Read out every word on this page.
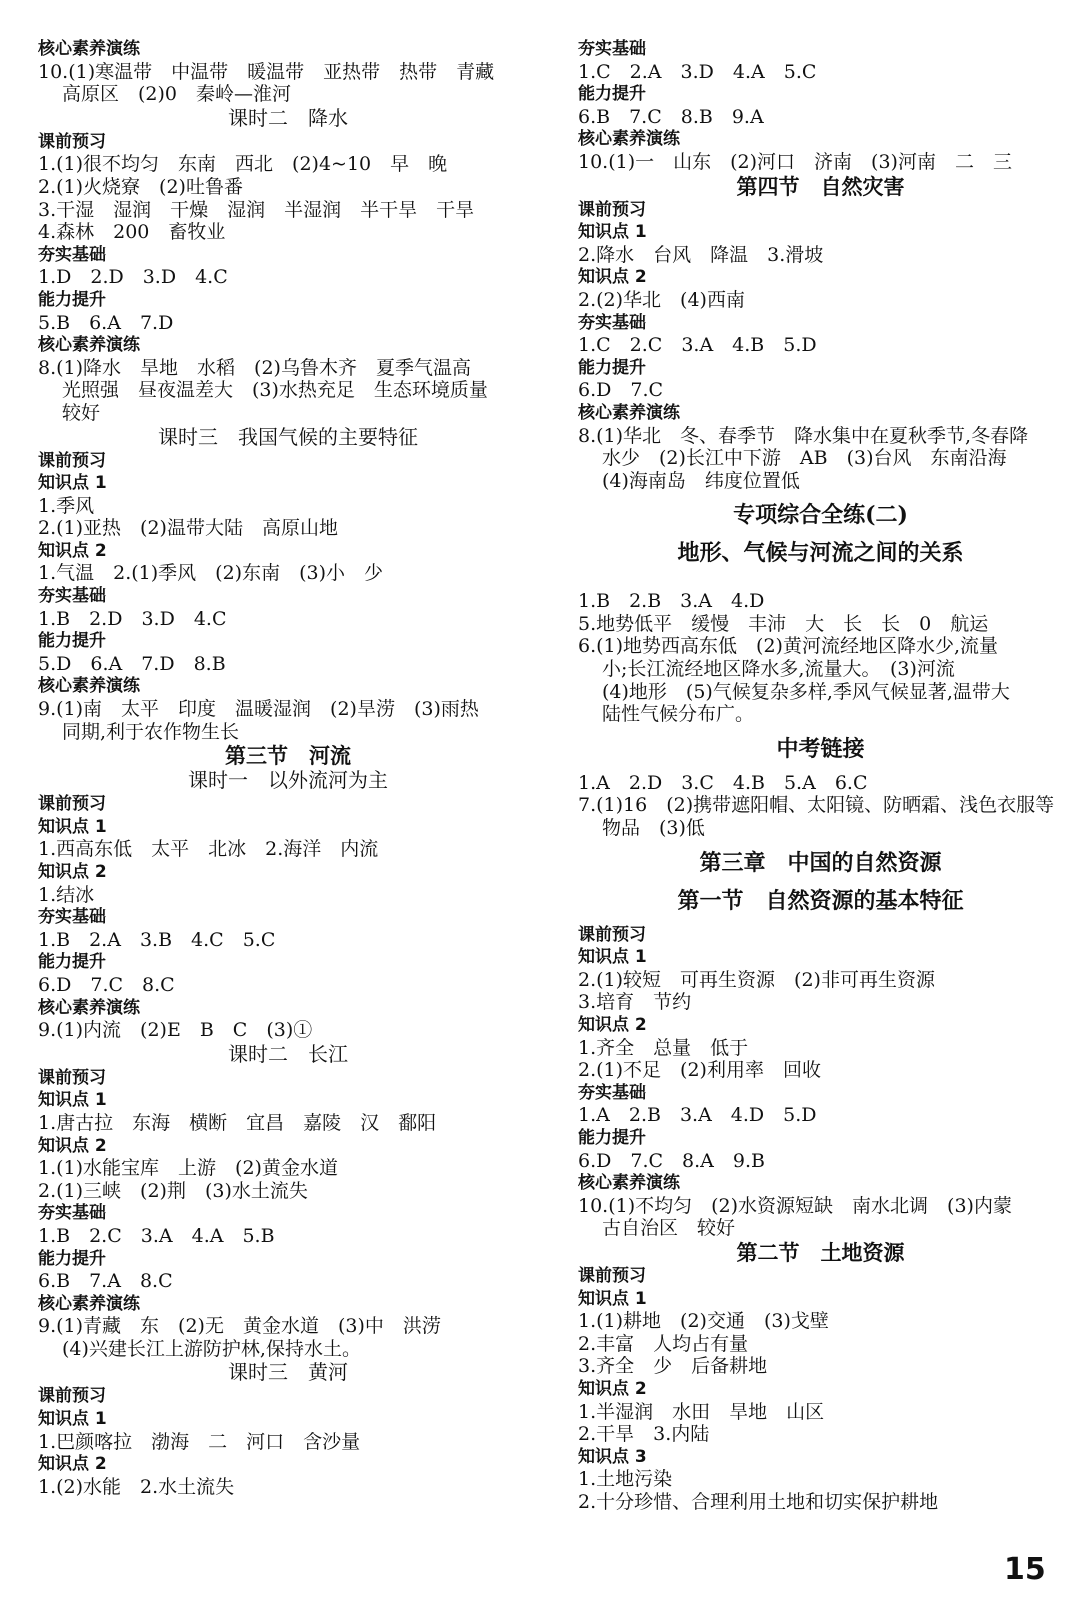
核心素养演练
10.(1)寒温带　中温带　暖温带　亚热带　热带　青藏
高原区　(2)0　秦岭—淮河
课时二　降水
课前预习
1.(1)很不均匀　东南　西北　(2)4~10　早　晚
2.(1)火烧寮　(2)吐鲁番
3.干湿　湿润　干燥　湿润　半湿润　半干旱　干旱
4.森林　200　畜牧业
夯实基础
1.D　2.D　3.D　4.C
能力提升
5.B　6.A　7.D
核心素养演练
8.(1)降水　旱地　水稻　(2)乌鲁木齐　夏季气温高
光照强　昼夜温差大　(3)水热充足　生态环境质量
较好
课时三　我国气候的主要特征
课前预习
知识点 1
1.季风
2.(1)亚热　(2)温带大陆　高原山地
知识点 2
1.气温　2.(1)季风　(2)东南　(3)小　少
夯实基础
1.B　2.D　3.D　4.C
能力提升
5.D　6.A　7.D　8.B
核心素养演练
9.(1)南　太平　印度　温暖湿润　(2)旱涝　(3)雨热
同期,利于农作物生长
第三节　河流
课时一　以外流河为主
课前预习
知识点 1
1.西高东低　太平　北冰　2.海洋　内流
知识点 2
1.结冰
夯实基础
1.B　2.A　3.B　4.C　5.C
能力提升
6.D　7.C　8.C
核心素养演练
9.(1)内流　(2)E　B　C　(3)①
课时二　长江
课前预习
知识点 1
1.唐古拉　东海　横断　宜昌　嘉陵　汉　鄱阳
知识点 2
1.(1)水能宝库　上游　(2)黄金水道
2.(1)三峡　(2)荆　(3)水土流失
夯实基础
1.B　2.C　3.A　4.A　5.B
能力提升
6.B　7.A　8.C
核心素养演练
9.(1)青藏　东　(2)无　黄金水道　(3)中　洪涝
(4)兴建长江上游防护林,保持水土。
课时三　黄河
课前预习
知识点 1
1.巴颜喀拉　渤海　二　河口　含沙量
知识点 2
1.(2)水能　2.水土流失
夯实基础
1.C　2.A　3.D　4.A　5.C
能力提升
6.B　7.C　8.B　9.A
核心素养演练
10.(1)一　山东　(2)河口　济南　(3)河南　二　三
第四节　自然灾害
课前预习
知识点 1
2.降水　台风　降温　3.滑坡
知识点 2
2.(2)华北　(4)西南
夯实基础
1.C　2.C　3.A　4.B　5.D
能力提升
6.D　7.C
核心素养演练
8.(1)华北　冬、春季节　降水集中在夏秋季节,冬春降
水少　(2)长江中下游　AB　(3)台风　东南沿海
(4)海南岛　纬度位置低
专项综合全练(二)
地形、气候与河流之间的关系
1.B　2.B　3.A　4.D
5.地势低平　缓慢　丰沛　大　长　长　0　航运
6.(1)地势西高东低　(2)黄河流经地区降水少,流量
小;长江流经地区降水多,流量大。　(3)河流
(4)地形　(5)气候复杂多样,季风气候显著,温带大
陆性气候分布广。
中考链接
1.A　2.D　3.C　4.B　5.A　6.C
7.(1)16　(2)携带遮阳帽、太阳镜、防晒霜、浅色衣服等
物品　(3)低
第三章　中国的自然资源
第一节　自然资源的基本特征
课前预习
知识点 1
2.(1)较短　可再生资源　(2)非可再生资源
3.培育　节约
知识点 2
1.齐全　总量　低于
2.(1)不足　(2)利用率　回收
夯实基础
1.A　2.B　3.A　4.D　5.D
能力提升
6.D　7.C　8.A　9.B
核心素养演练
10.(1)不均匀　(2)水资源短缺　南水北调　(3)内蒙
古自治区　较好
第二节　土地资源
课前预习
知识点 1
1.(1)耕地　(2)交通　(3)戈壁
2.丰富　人均占有量
3.齐全　少　后备耕地
知识点 2
1.半湿润　水田　旱地　山区
2.干旱　3.内陆
知识点 3
1.土地污染
2.十分珍惜、合理利用土地和切实保护耕地
15
